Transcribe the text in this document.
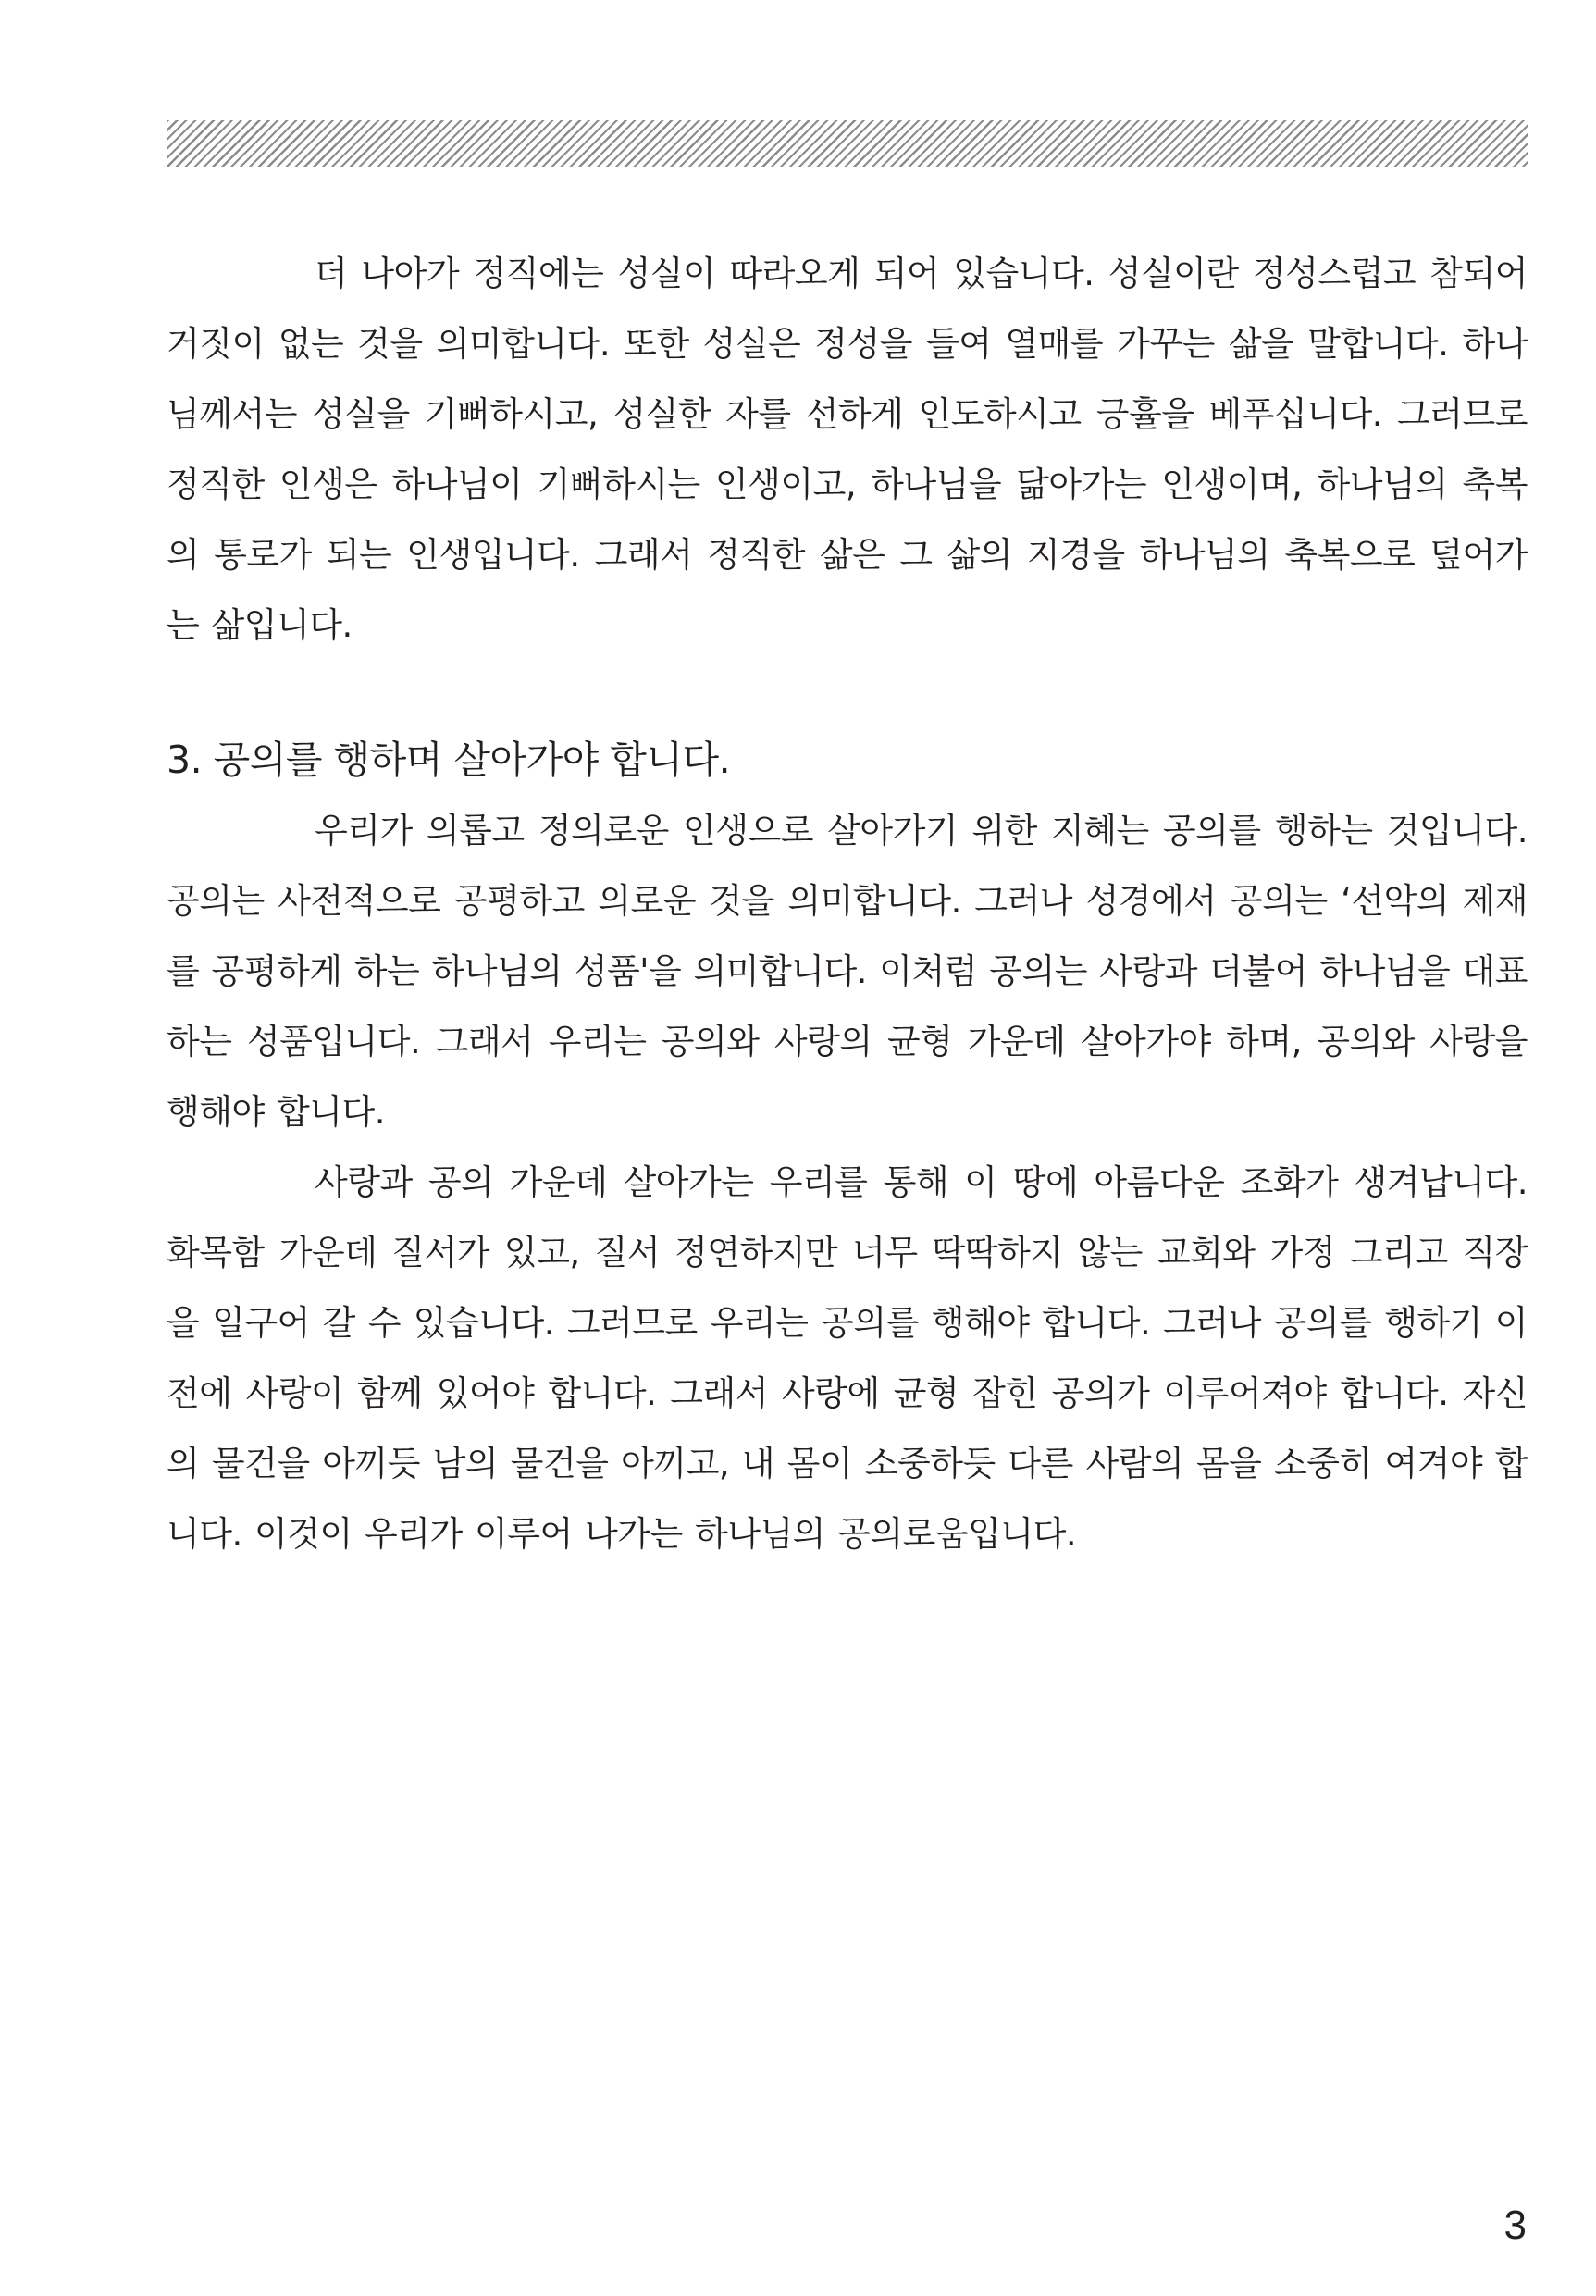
더 나아가 정직에는 성실이 따라오게 되어 있습니다. 성실이란 정성스럽고 참되어 거짓이 없는 것을 의미합니다. 또한 성실은 정성을 들여 열매를 가꾸는 삶을 말합니다. 하나님께서는 성실을 기뻐하시고, 성실한 자를 선하게 인도하시고 긍휼을 베푸십니다. 그러므로 정직한 인생은 하나님이 기뻐하시는 인생이고, 하나님을 닮아가는 인생이며, 하나님의 축복의 통로가 되는 인생입니다. 그래서 정직한 삶은 그 삶의 지경을 하나님의 축복으로 덮어가는 삶입니다.

3. 공의를 행하며 살아가야 합니다.

우리가 의롭고 정의로운 인생으로 살아가기 위한 지혜는 공의를 행하는 것입니다. 공의는 사전적으로 공평하고 의로운 것을 의미합니다. 그러나 성경에서 공의는 ‘선악의 제재를 공평하게 하는 하나님의 성품'을 의미합니다. 이처럼 공의는 사랑과 더불어 하나님을 대표하는 성품입니다. 그래서 우리는 공의와 사랑의 균형 가운데 살아가야 하며, 공의와 사랑을 행해야 합니다.

사랑과 공의 가운데 살아가는 우리를 통해 이 땅에 아름다운 조화가 생겨납니다. 화목함 가운데 질서가 있고, 질서 정연하지만 너무 딱딱하지 않는 교회와 가정 그리고 직장을 일구어 갈 수 있습니다. 그러므로 우리는 공의를 행해야 합니다. 그러나 공의를 행하기 이전에 사랑이 함께 있어야 합니다. 그래서 사랑에 균형 잡힌 공의가 이루어져야 합니다. 자신의 물건을 아끼듯 남의 물건을 아끼고, 내 몸이 소중하듯 다른 사람의 몸을 소중히 여겨야 합니다. 이것이 우리가 이루어 나가는 하나님의 공의로움입니다.

3
